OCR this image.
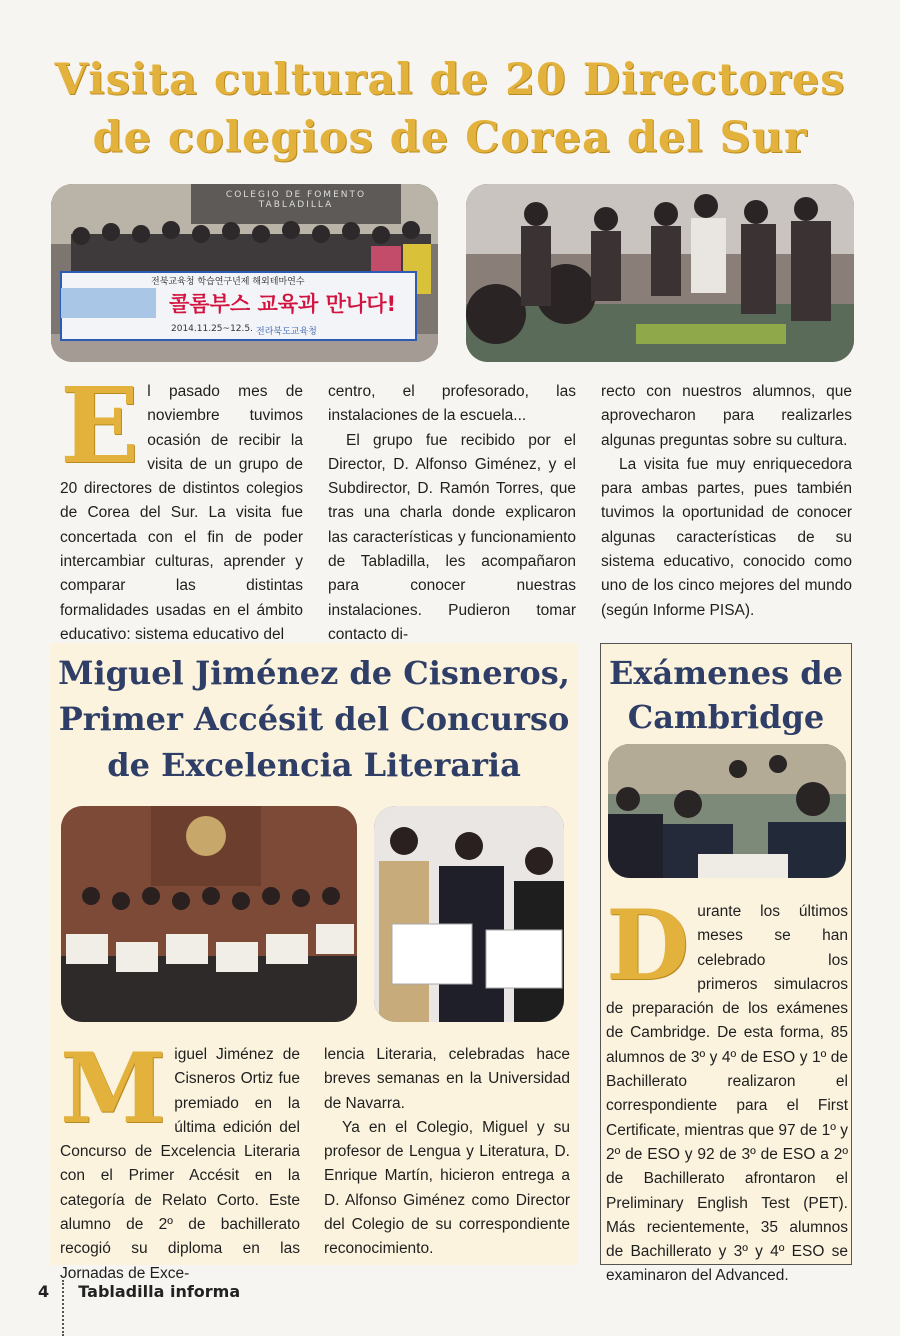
Visita cultural de 20 Directores
de colegios de Corea del Sur
전북교육청 학습연구년제 해외테마연수
콜롬부스 교육과 만나다!
2014.11.25~12.5. 전라북도교육청
COLEGIO DE FOMENTO TABLADILLA
E l pasado mes de noviembre tuvimos ocasión de recibir la visita de un grupo de 20 directores de distintos colegios de Corea del Sur. La visita fue concertada con el fin de poder intercambiar culturas, aprender y comparar las distintas formalidades usadas en el ámbito educativo: sistema educativo del

centro, el profesorado, las instalaciones de la escuela...

El grupo fue recibido por el Director, D. Alfonso Giménez, y el Subdirector, D. Ramón Torres, que tras una charla donde explicaron las características y funcionamiento de Tabladilla, les acompañaron para conocer nuestras instalaciones. Pudieron tomar contacto di-

recto con nuestros alumnos, que aprovecharon para realizarles algunas preguntas sobre su cultura.

La visita fue muy enriquecedora para ambas partes, pues también tuvimos la oportunidad de conocer algunas características de su sistema educativo, conocido como uno de los cinco mejores del mundo (según Informe PISA).

Miguel Jiménez de Cisneros,
Primer Accésit del Concurso
de Excelencia Literaria
M iguel Jiménez de Cisneros Ortiz fue premiado en la última edición del Concurso de Excelencia Literaria con el Primer Accésit en la categoría de Relato Corto. Este alumno de 2º de bachillerato recogió su diploma en las Jornadas de Exce-

lencia Literaria, celebradas hace breves semanas en la Universidad de Navarra.

Ya en el Colegio, Miguel y su profesor de Lengua y Literatura, D. Enrique Martín, hicieron entrega a D. Alfonso Giménez como Director del Colegio de su correspondiente reconocimiento.

Exámenes de
Cambridge
D urante los últimos meses se han celebrado los primeros simulacros de preparación de los exámenes de Cambridge. De esta forma, 85 alumnos de 3º y 4º de ESO y 1º de Bachillerato realizaron el correspondiente para el First Certificate, mientras que 97 de 1º y 2º de ESO y 92 de 3º de ESO a 2º de Bachillerato afrontaron el Preliminary English Test (PET). Más recientemente, 35 alumnos de Bachillerato y 3º y 4º ESO se examinaron del Advanced.

4 Tabladilla informa
